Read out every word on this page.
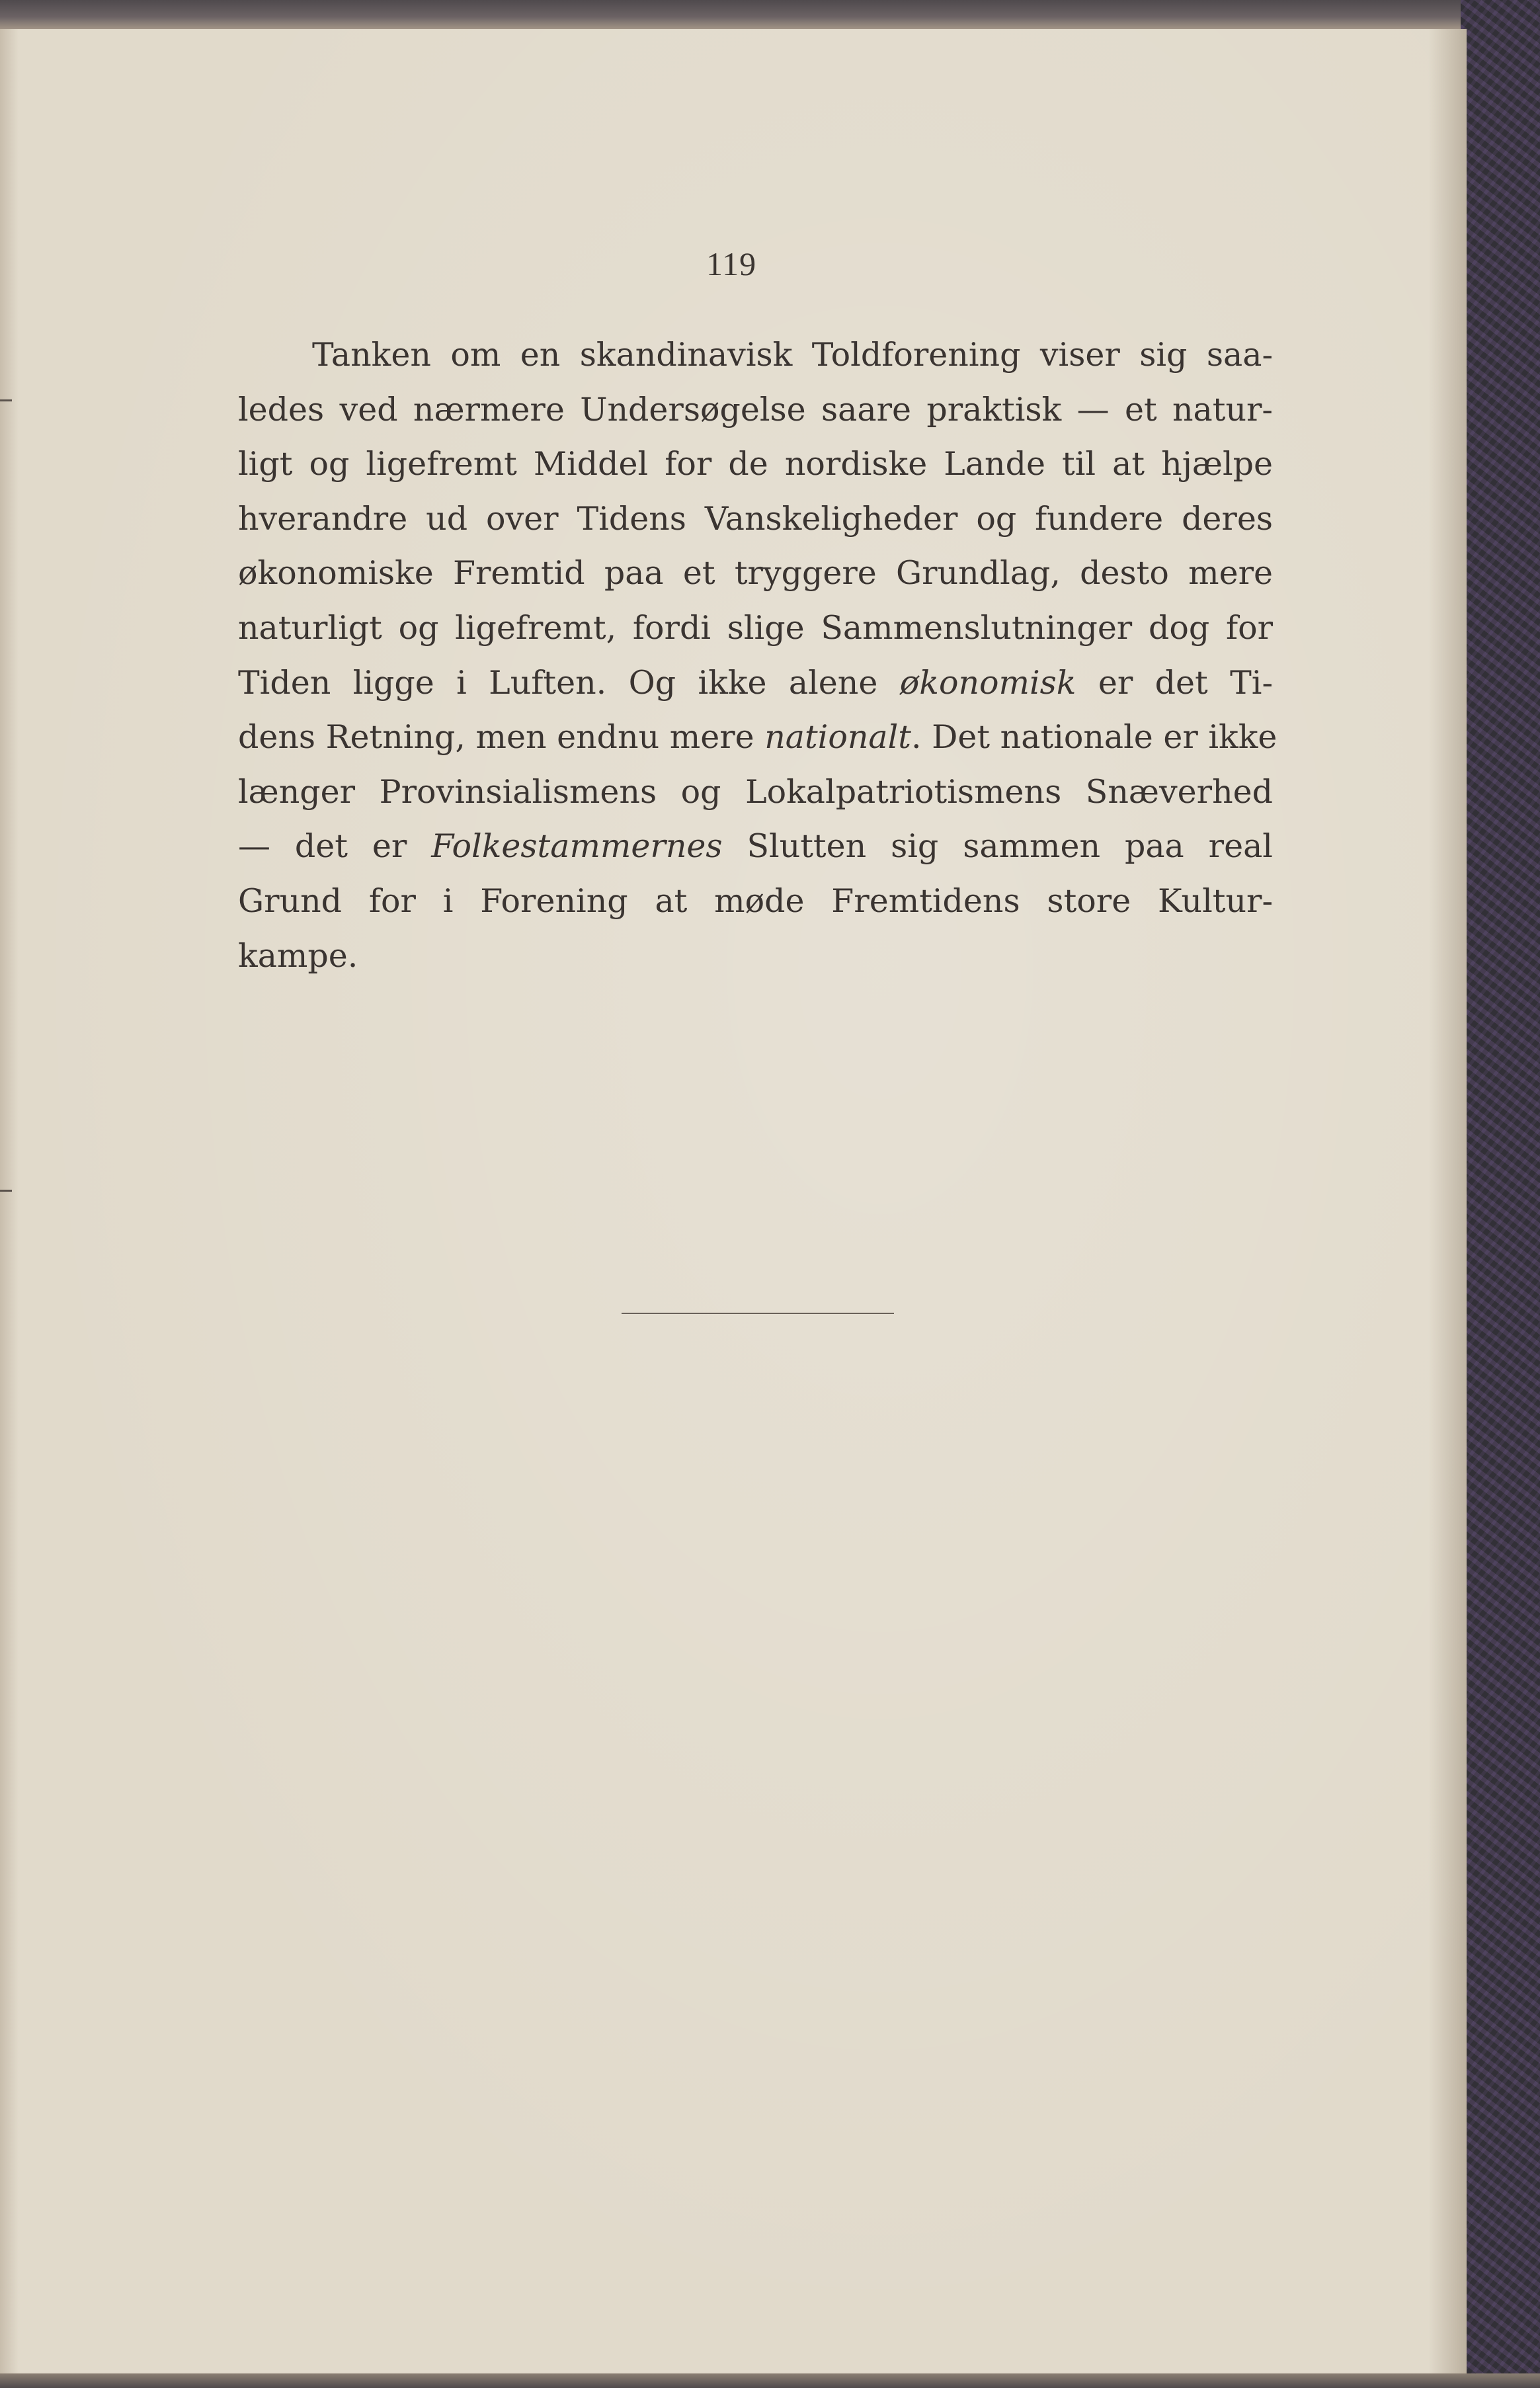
119
Tanken om en skandinavisk Toldforening viser sig saa-
ledes ved nærmere Undersøgelse saare praktisk — et natur-
ligt og ligefremt Middel for de nordiske Lande til at hjælpe
hverandre ud over Tidens Vanskeligheder og fundere deres
økonomiske Fremtid paa et tryggere Grundlag, desto mere
naturligt og ligefremt, fordi slige Sammenslutninger dog for
Tiden ligge i Luften. Og ikke alene økonomisk er det Ti-
dens Retning, men endnu mere nationalt. Det nationale er ikke
længer Provinsialismens og Lokalpatriotismens Snæverhed
— det er Folkestammernes Slutten sig sammen paa real
Grund for i Forening at møde Fremtidens store Kultur-
kampe.
